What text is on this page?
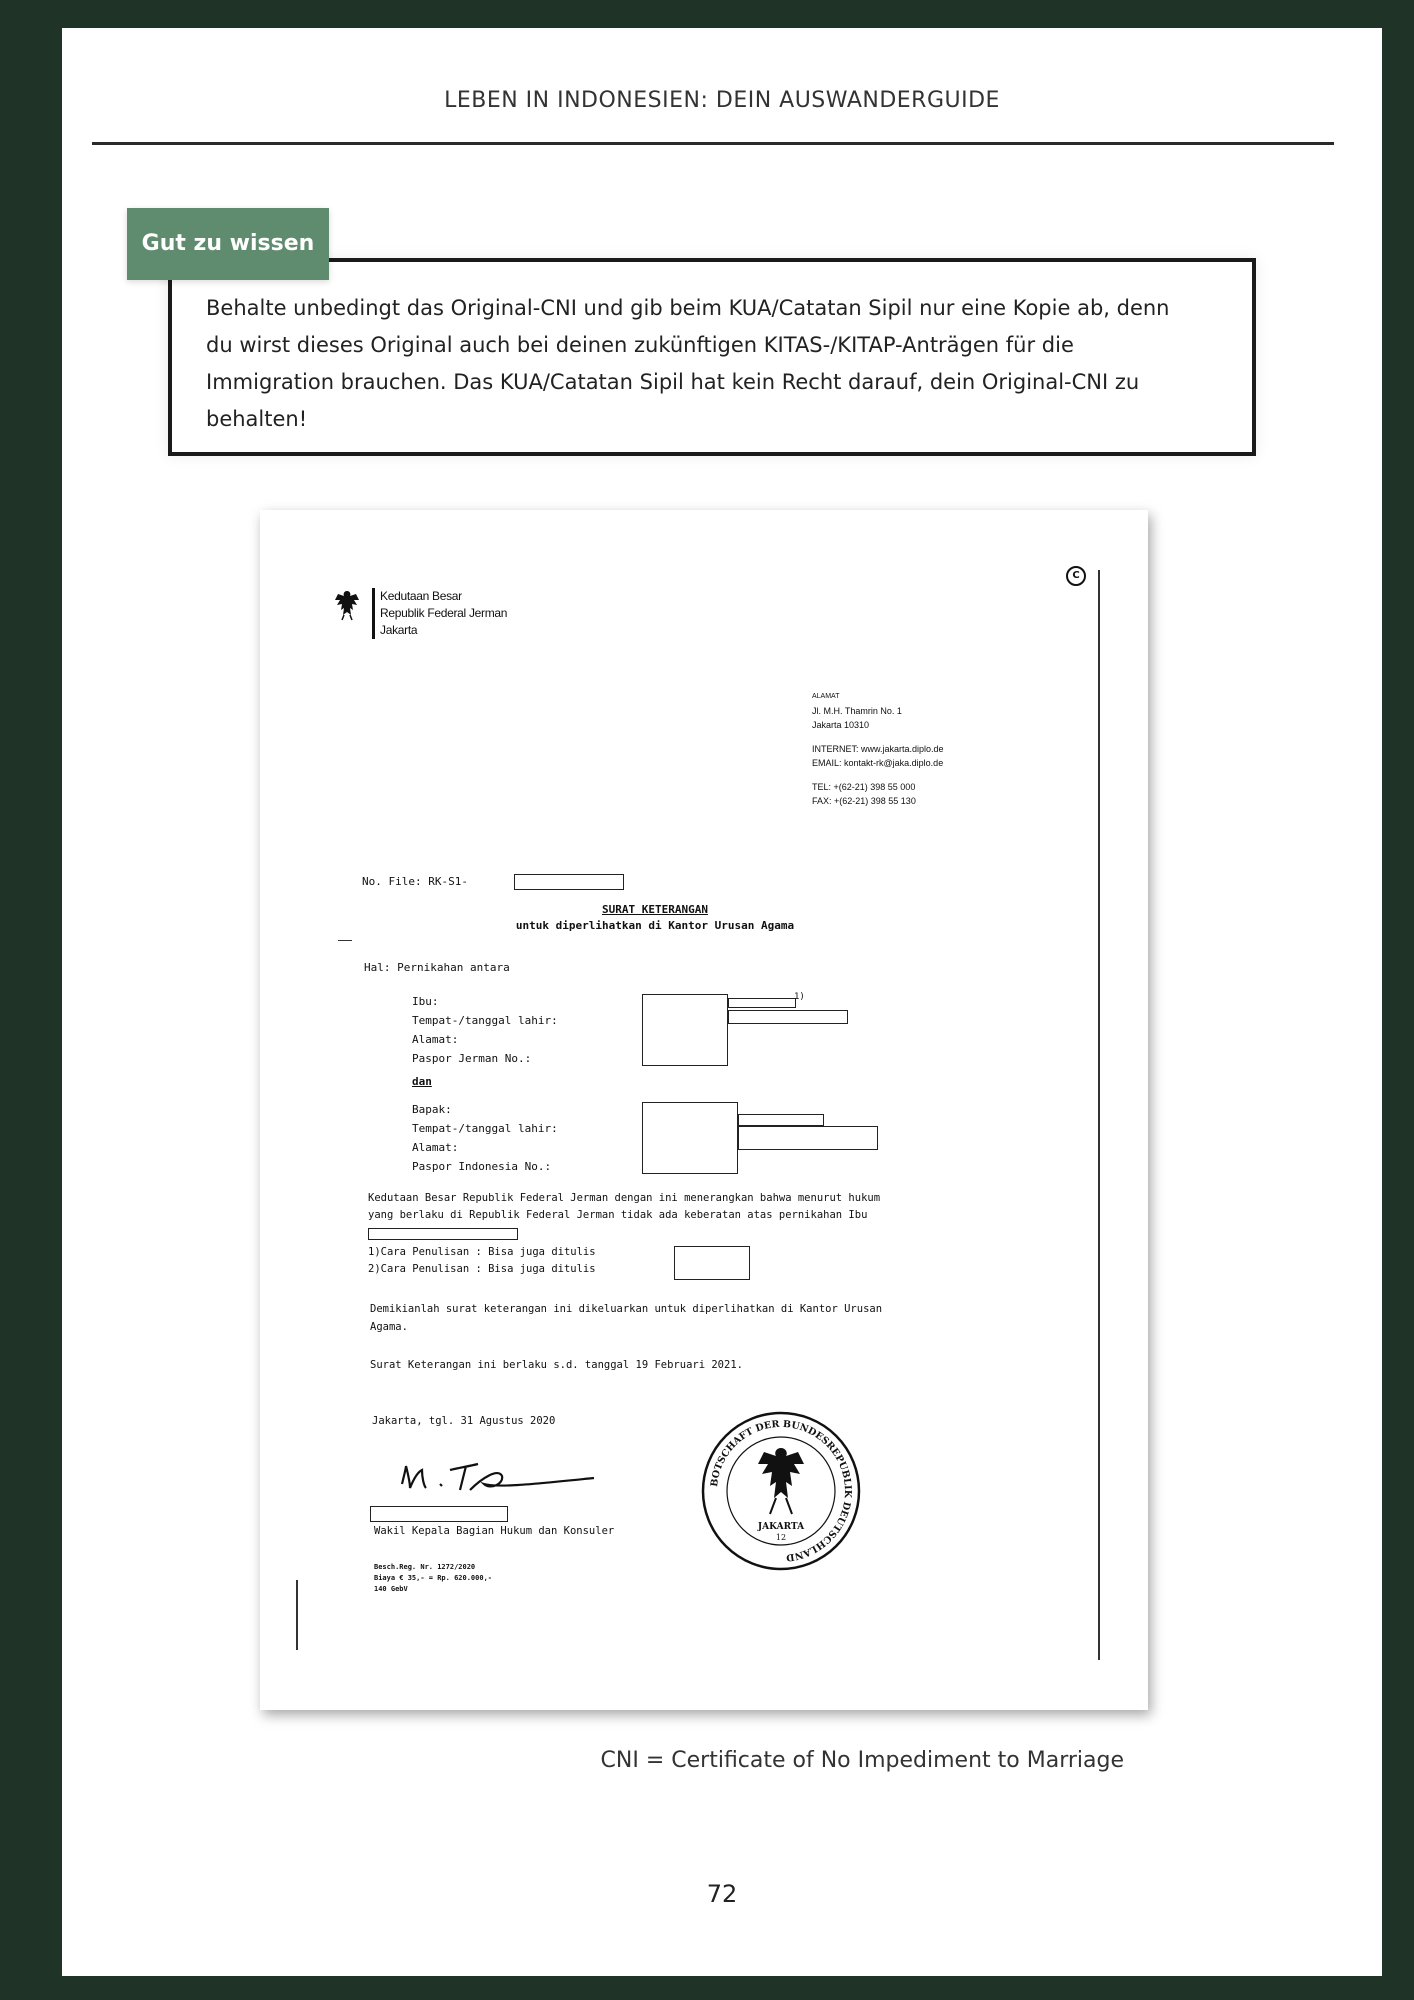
LEBEN IN INDONESIEN: DEIN AUSWANDERGUIDE
Behalte unbedingt das Original-CNI und gib beim KUA/Catatan Sipil nur eine Kopie ab, denn
du wirst dieses Original auch bei deinen zukünftigen KITAS-/KITAP-Anträgen für die
Immigration brauchen. Das KUA/Catatan Sipil hat kein Recht darauf, dein Original-CNI zu
behalten!
Gut zu wissen
C
Kedutaan Besar
Republik Federal Jerman
Jakarta
ALAMAT
Jl. M.H. Thamrin No. 1
Jakarta 10310
INTERNET: www.jakarta.diplo.de
EMAIL: kontakt-rk@jaka.diplo.de
TEL: +(62-21) 398 55 000
FAX: +(62-21) 398 55 130
No. File: RK-S1-
SURAT KETERANGAN
untuk diperlihatkan di Kantor Urusan Agama
Hal: Pernikahan antara
Ibu:
Tempat-/tanggal lahir:
Alamat:
Paspor Jerman No.:
1)
dan
Bapak:
Tempat-/tanggal lahir:
Alamat:
Paspor Indonesia No.:
Kedutaan Besar Republik Federal Jerman dengan ini menerangkan bahwa menurut hukum
yang berlaku di Republik Federal Jerman tidak ada keberatan atas pernikahan Ibu
1)Cara Penulisan : Bisa juga ditulis
2)Cara Penulisan : Bisa juga ditulis
Demikianlah surat keterangan ini dikeluarkan untuk diperlihatkan di Kantor Urusan
Agama.
Surat Keterangan ini berlaku s.d. tanggal 19 Februari 2021.
Jakarta, tgl. 31 Agustus 2020
Wakil Kepala Bagian Hukum dan Konsuler
Besch.Reg. Nr. 1272/2020
Biaya € 35,- = Rp. 620.000,-
140 GebV
BOTSCHAFT DER BUNDESREPUBLIK DEUTSCHLAND
JAKARTA
12
CNI = Certificate of No Impediment to Marriage
72
